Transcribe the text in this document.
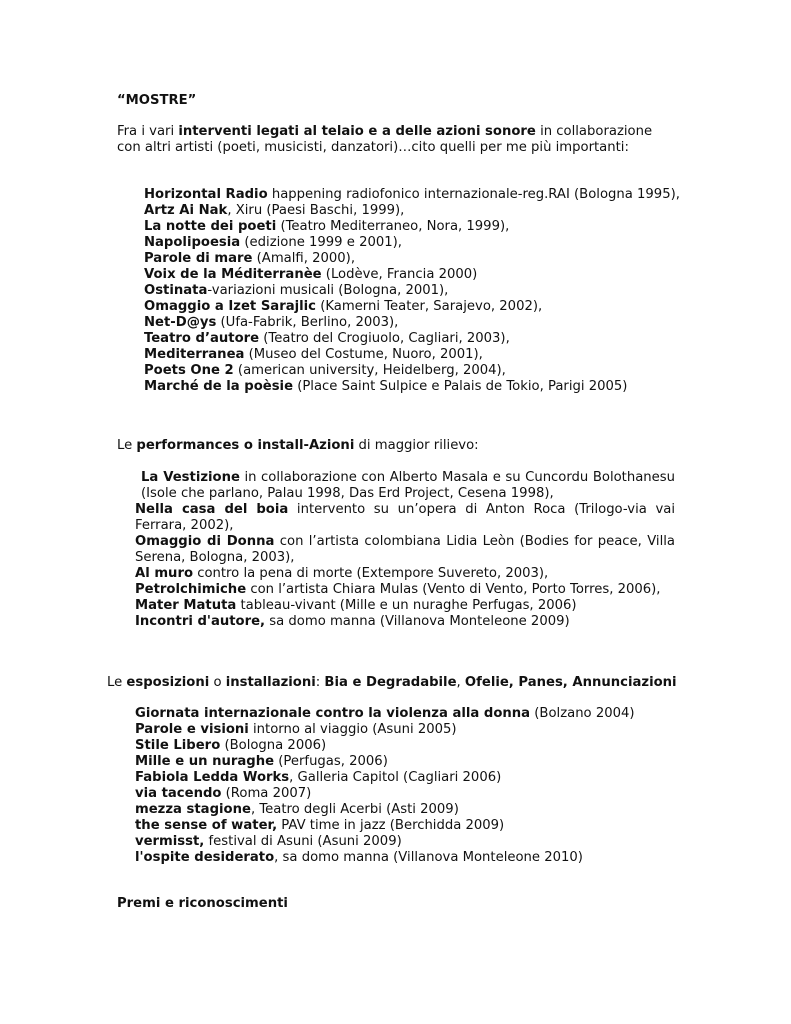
“MOSTRE”
Fra i vari interventi legati al telaio e a delle azioni sonore in collaborazione con altri artisti (poeti, musicisti, danzatori)…cito quelli per me più importanti:
Horizontal Radio happening radiofonico internazionale-reg.RAI (Bologna 1995),
Artz Ai Nak, Xiru (Paesi Baschi, 1999),
La notte dei poeti (Teatro Mediterraneo, Nora, 1999),
Napolipoesia (edizione 1999 e 2001),
Parole di mare (Amalfi, 2000),
Voix de la Méditerranèe (Lodève, Francia 2000)
Ostinata-variazioni musicali (Bologna, 2001),
Omaggio a Izet Sarajlic (Kamerni Teater, Sarajevo, 2002),
Net-D@ys (Ufa-Fabrik, Berlino, 2003),
Teatro d’autore (Teatro del Crogiuolo, Cagliari, 2003),
Mediterranea (Museo del Costume, Nuoro, 2001),
Poets One 2 (american university, Heidelberg, 2004),
Marché de la poèsie (Place Saint Sulpice e Palais de Tokio, Parigi 2005)
Le performances o install-Azioni di maggior rilievo:
La Vestizione in collaborazione con Alberto Masala e su Cuncordu Bolothanesu (Isole che parlano, Palau 1998, Das Erd Project, Cesena 1998),
Nella casa del boia intervento su un’opera di Anton Roca (Trilogo-via vai Ferrara, 2002),
Omaggio di Donna con l’artista colombiana Lidia Leòn (Bodies for peace, Villa Serena, Bologna, 2003),
Al muro contro la pena di morte (Extempore Suvereto, 2003),
Petrolchimiche con l’artista Chiara Mulas (Vento di Vento, Porto Torres, 2006),
Mater Matuta tableau-vivant (Mille e un nuraghe Perfugas, 2006)
Incontri d'autore, sa domo manna (Villanova Monteleone 2009)
Le esposizioni o installazioni: Bia e Degradabile, Ofelie, Panes, Annunciazioni
Giornata internazionale contro la violenza alla donna (Bolzano 2004)
Parole e visioni intorno al viaggio (Asuni 2005)
Stile Libero (Bologna 2006)
Mille e un nuraghe (Perfugas, 2006)
Fabiola Ledda Works, Galleria Capitol (Cagliari 2006)
via tacendo (Roma 2007)
mezza stagione, Teatro degli Acerbi (Asti 2009)
the sense of water, PAV time in jazz (Berchidda 2009)
vermisst, festival di Asuni (Asuni 2009)
l'ospite desiderato, sa domo manna (Villanova Monteleone 2010)
Premi e riconoscimenti
